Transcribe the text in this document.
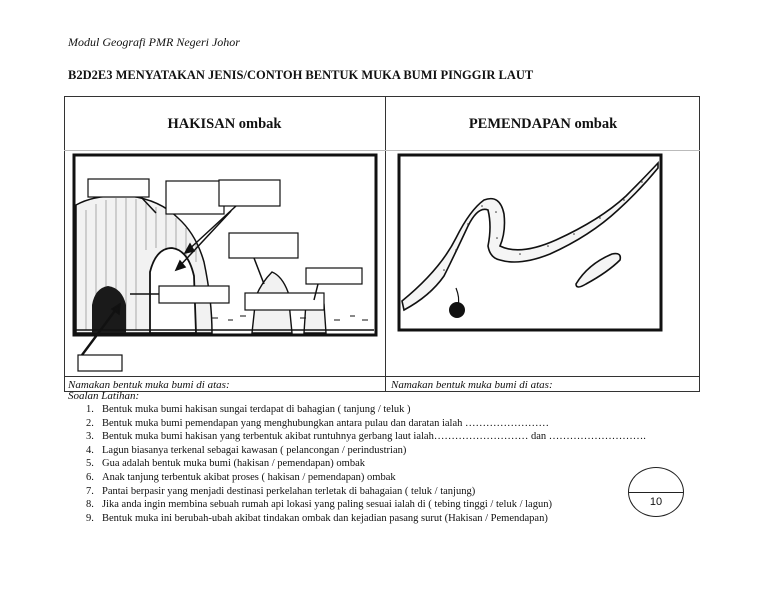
Modul Geografi PMR Negeri Johor
B2D2E3 MENYATAKAN JENIS/CONTOH BENTUK MUKA BUMI PINGGIR LAUT
HAKISAN ombak	PEMENDAPAN ombak
Namakan bentuk muka bumi di atas:	Namakan bentuk muka bumi di atas:
Soalan Latihan:
1. Bentuk muka bumi hakisan sungai terdapat di bahagian ( tanjung / teluk )
2. Bentuk muka bumi pemendapan yang menghubungkan antara pulau dan daratan ialah ……………………
3. Bentuk muka bumi hakisan yang terbentuk akibat runtuhnya gerbang laut ialah……………………… dan ……………………….
4. Lagun biasanya terkenal sebagai kawasan ( pelancongan / perindustrian)
5. Gua adalah bentuk muka bumi (hakisan / pemendapan) ombak
6. Anak tanjung terbentuk akibat proses ( hakisan / pemendapan) ombak
7. Pantai berpasir yang menjadi destinasi perkelahan terletak di bahagaian ( teluk / tanjung)
8. Jika anda ingin membina sebuah rumah api lokasi yang paling sesuai ialah di ( tebing tinggi / teluk / lagun)
9. Bentuk muka ini berubah-ubah akibat tindakan ombak dan kejadian pasang surut (Hakisan / Pemendapan)
10
